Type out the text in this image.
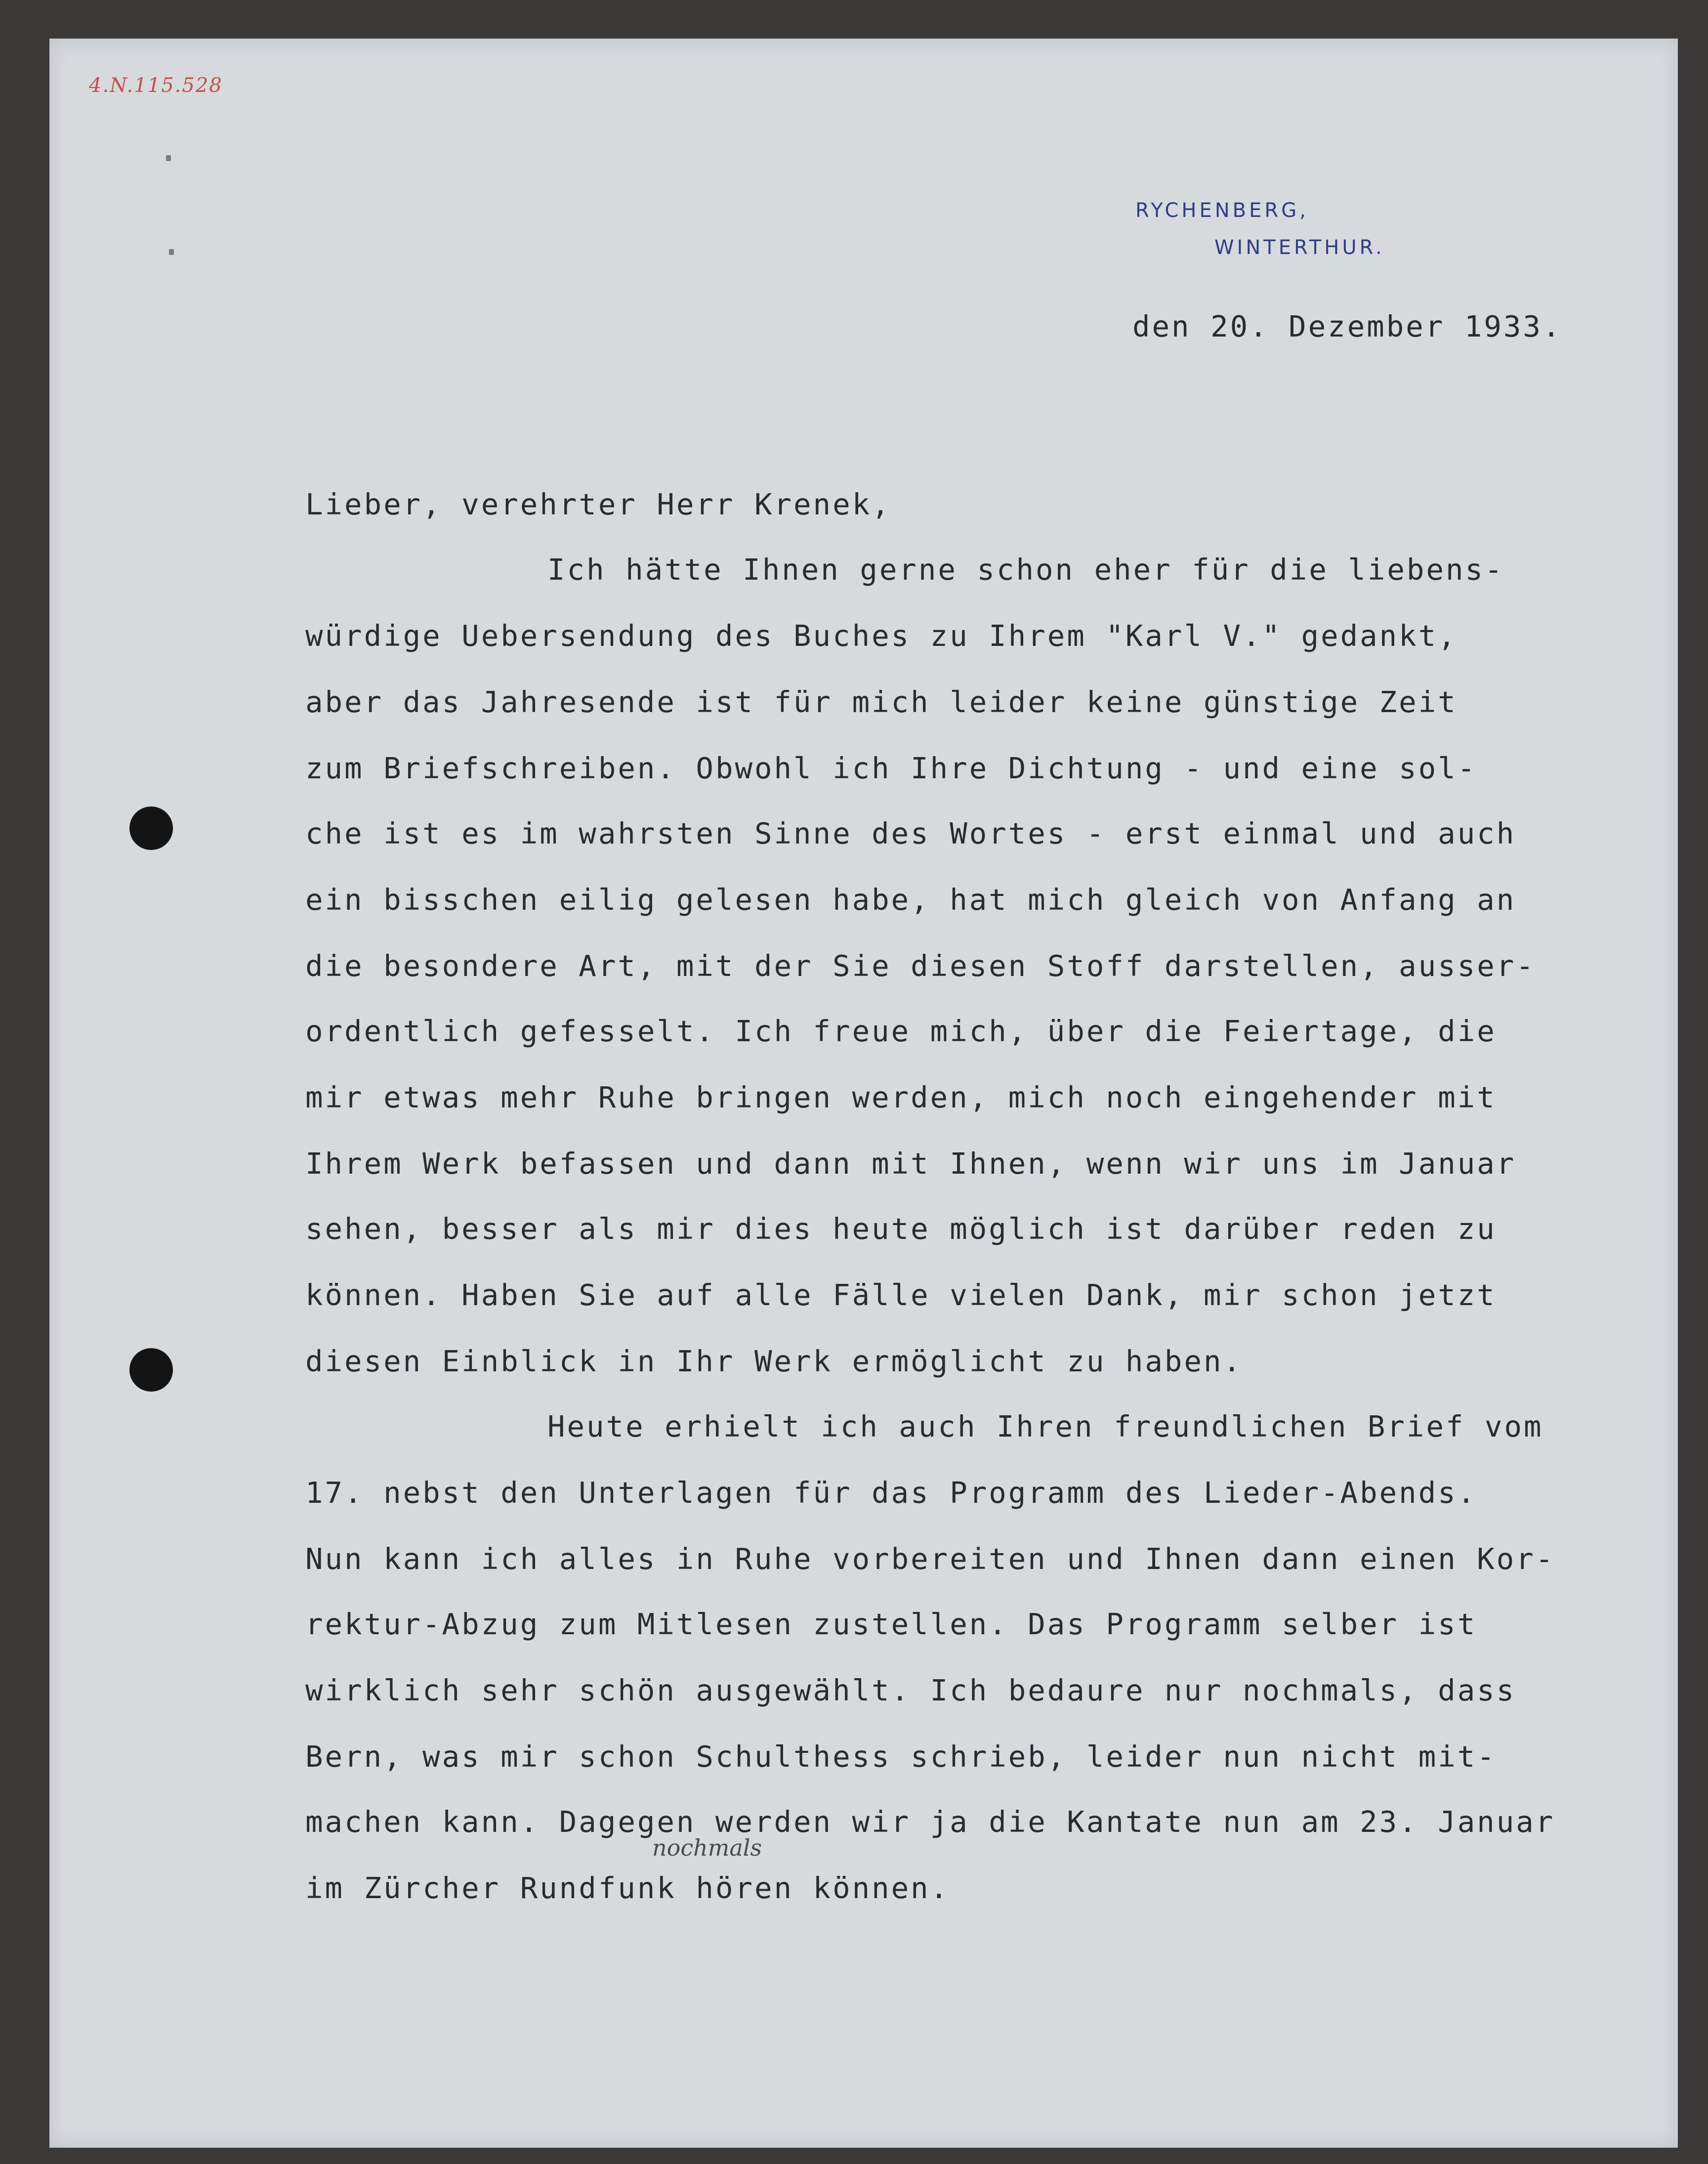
4.N.115.528
RYCHENBERG,
WINTERTHUR.
den 20. Dezember 1933.
Lieber, verehrter Herr Krenek,
Ich hätte Ihnen gerne schon eher für die liebens-
würdige Uebersendung des Buches zu Ihrem "Karl V." gedankt,
aber das Jahresende ist für mich leider keine günstige Zeit
zum Briefschreiben. Obwohl ich Ihre Dichtung - und eine sol-
che ist es im wahrsten Sinne des Wortes - erst einmal und auch
ein bisschen eilig gelesen habe, hat mich gleich von Anfang an
die besondere Art, mit der Sie diesen Stoff darstellen, ausser-
ordentlich gefesselt. Ich freue mich, über die Feiertage, die
mir etwas mehr Ruhe bringen werden, mich noch eingehender mit
Ihrem Werk befassen und dann mit Ihnen, wenn wir uns im Januar
sehen, besser als mir dies heute möglich ist darüber reden zu
können. Haben Sie auf alle Fälle vielen Dank, mir schon jetzt
diesen Einblick in Ihr Werk ermöglicht zu haben.
Heute erhielt ich auch Ihren freundlichen Brief vom
17. nebst den Unterlagen für das Programm des Lieder-Abends.
Nun kann ich alles in Ruhe vorbereiten und Ihnen dann einen Kor-
rektur-Abzug zum Mitlesen zustellen. Das Programm selber ist
wirklich sehr schön ausgewählt. Ich bedaure nur nochmals, dass
Bern, was mir schon Schulthess schrieb, leider nun nicht mit-
machen kann. Dagegen werden wir ja die Kantate nun am 23. Januar
im Zürcher Rundfunk hören können.
nochmals
